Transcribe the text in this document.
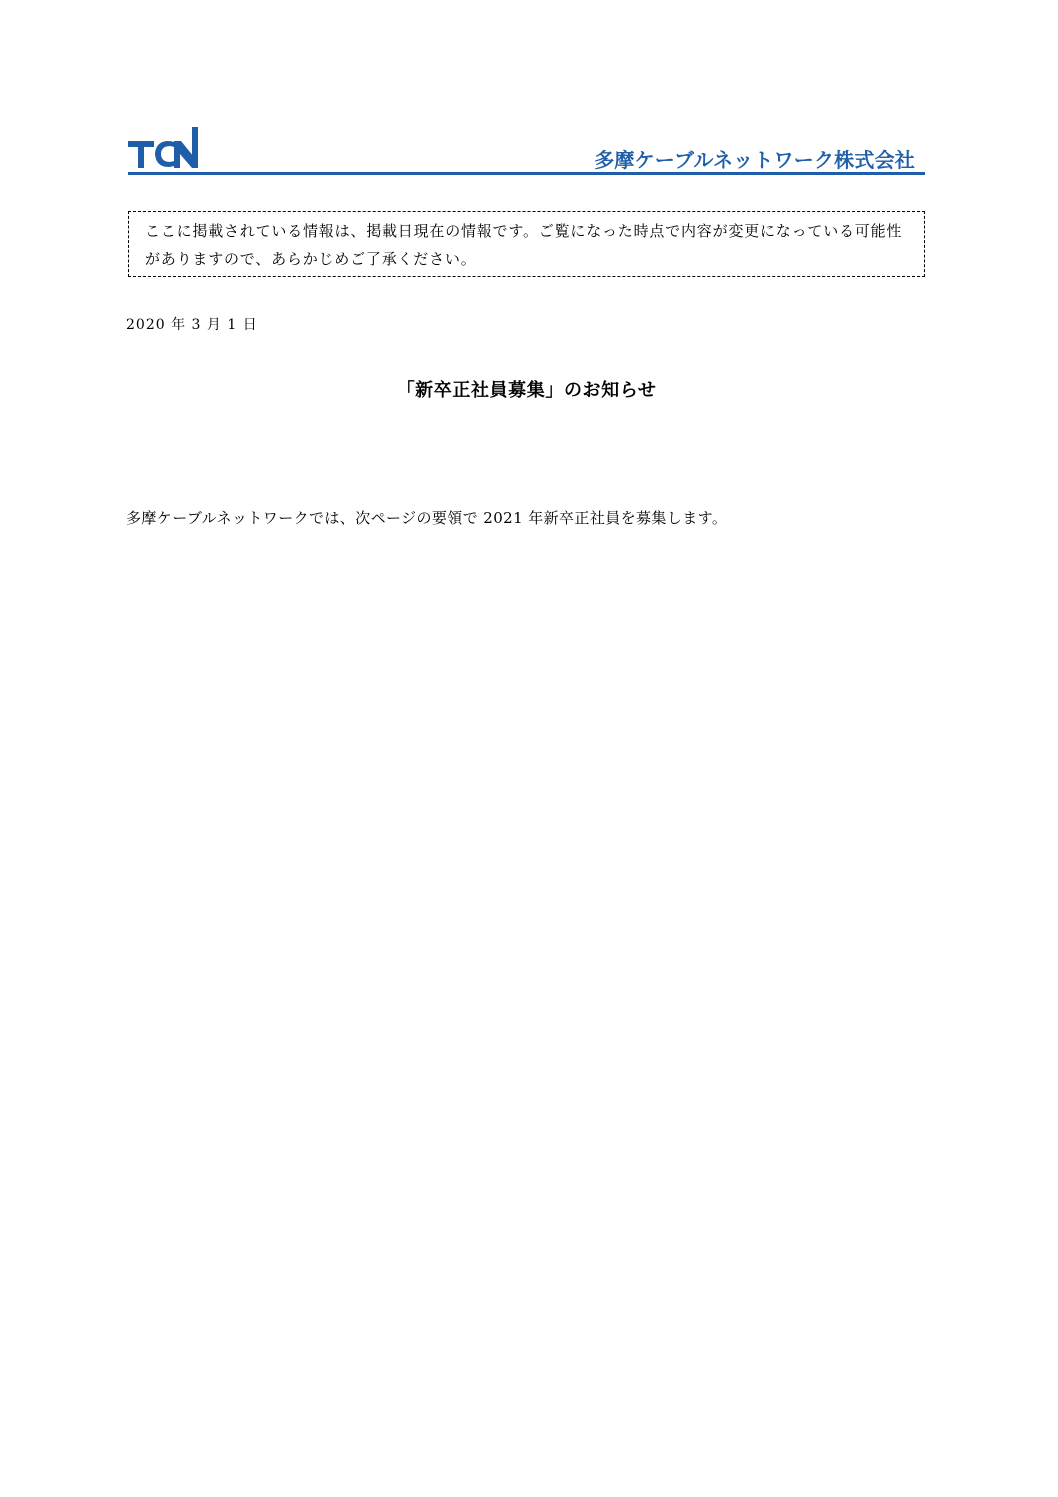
多摩ケーブルネットワーク株式会社
ここに掲載されている情報は、掲載日現在の情報です。ご覧になった時点で内容が変更になっている可能性がありますので、あらかじめご了承ください。
2020 年 3 月 1 日
「新卒正社員募集」のお知らせ
多摩ケーブルネットワークでは、次ページの要領で 2021 年新卒正社員を募集します。
